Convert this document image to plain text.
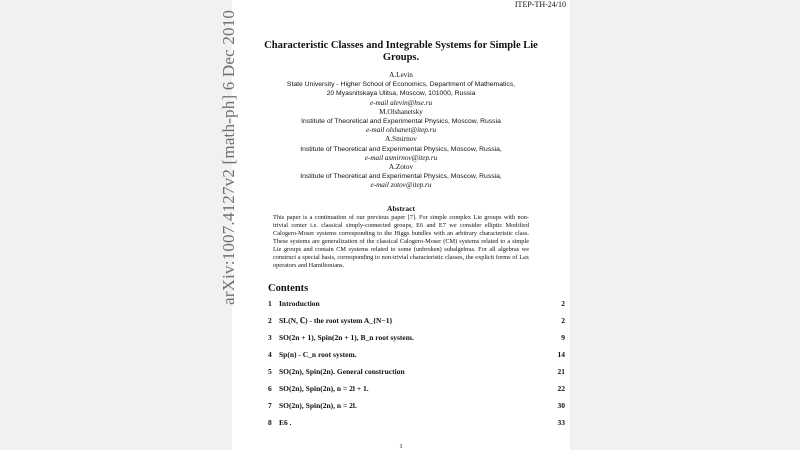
ITEP-TH-24/10
arXiv:1007.4127v2 [math-ph] 6 Dec 2010 Characteristic Classes and Integrable Systems for Simple Lie Groups.
A.Levin
State University - Higher School of Economics, Department of Mathematics,
20 Myasnitskaya Ulitsa, Moscow, 101000, Russia
e-mail alevin@hse.ru
M.Olshanetsky
Institute of Theoretical and Experimental Physics, Moscow, Russia
e-mail olshanet@itep.ru
A.Smirnov
Institute of Theoretical and Experimental Physics, Moscow, Russia,
e-mail asmirnov@itep.ru
A.Zotov
Institute of Theoretical and Experimental Physics, Moscow, Russia,
e-mail zotov@itep.ru
Abstract
This paper is a continuation of our previous paper [7]. For simple complex Lie groups with non-trivial center i.e. classical simply-connected groups, E6 and E7 we consider elliptic Modified Calogero-Moser systems corresponding to the Higgs bundles with an arbitrary characteristic class. These systems are generalization of the classical Calogero-Moser (CM) systems related to a simple Lie groups and contain CM systems related to some (unbroken) subalgebras. For all algebras we construct a special basis, corresponding to non-trivial characteristic classes, the explicit forms of Lax operators and Hamiltonians.
Contents
1 Introduction	2
2 SL(N, ℂ) - the root system A_{N−1}	2
3 SO(2n + 1), Spin(2n + 1), B_n root system.	9
4 Sp(n) - C_n root system.	14
5 SO(2n), Spin(2n). General construction	21
6 SO(2n), Spin(2n), n = 2l + 1.	22
7 SO(2n), Spin(2n), n = 2l.	30
8 E6 .	33
1
